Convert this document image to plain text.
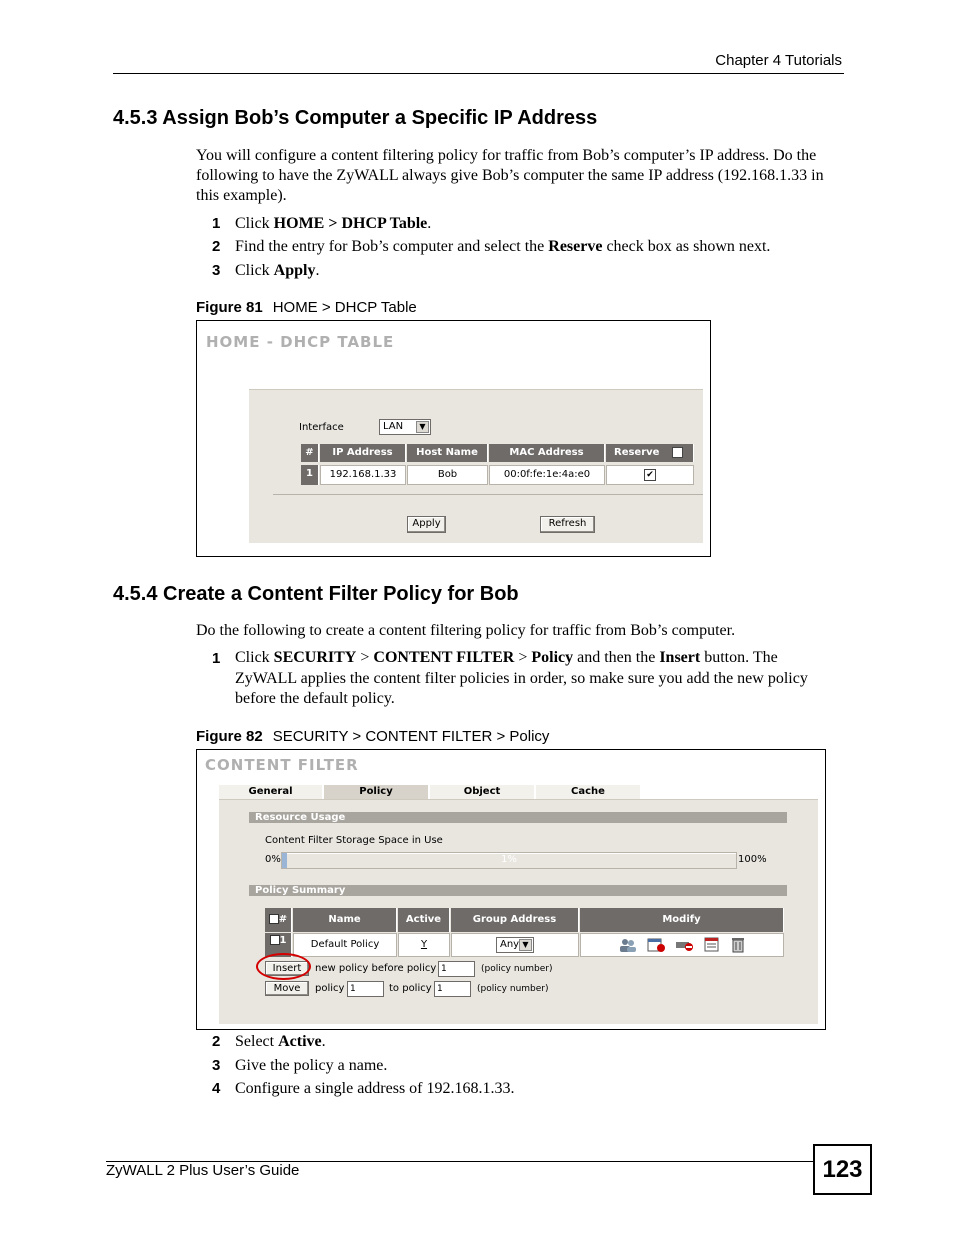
Chapter 4 Tutorials
4.5.3 Assign Bob’s Computer a Specific IP Address
You will configure a content filtering policy for traffic from Bob’s computer’s IP address. Do the following to have the ZyWALL always give Bob’s computer the same IP address (192.168.1.33 in this example).
1 Click HOME > DHCP Table.
2 Find the entry for Bob’s computer and select the Reserve check box as shown next.
3 Click Apply.
Figure 81 HOME > DHCP Table
HOME - DHCP TABLE
Interface	LAN	▼
#	IP Address	Host Name	MAC Address	Reserve
1	192.168.1.33	Bob	00:0f:fe:1e:4a:e0	✔
Apply	Refresh
4.5.4 Create a Content Filter Policy for Bob
Do the following to create a content filtering policy for traffic from Bob’s computer.
1 Click SECURITY > CONTENT FILTER > Policy and then the Insert button. The ZyWALL applies the content filter policies in order, so make sure you add the new policy before the default policy.
Figure 82 SECURITY > CONTENT FILTER > Policy
CONTENT FILTER
General	Policy	Object	Cache
Resource Usage
Content Filter Storage Space in Use
0%	1%	100%
Policy Summary
+#	Name	Active	Group Address	Modify
+1	Default Policy	Y	Any ▼
Insert	new policy before policy 1	(policy number)
Move	policy 1	to policy 1	(policy number)
2 Select Active.
3 Give the policy a name.
4 Configure a single address of 192.168.1.33.
ZyWALL 2 Plus User’s Guide	123
